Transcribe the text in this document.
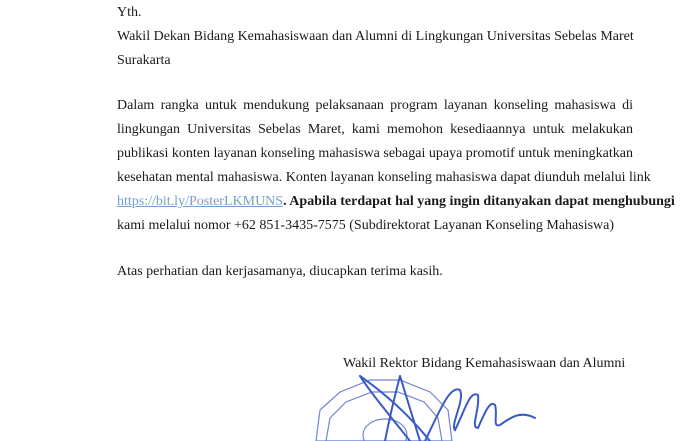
Yth.
Wakil Dekan Bidang Kemahasiswaan dan Alumni di Lingkungan Universitas Sebelas Maret
Surakarta
Dalam rangka untuk mendukung pelaksanaan program layanan konseling mahasiswa di
lingkungan Universitas Sebelas Maret, kami memohon kesediaannya untuk melakukan
publikasi konten layanan konseling mahasiswa sebagai upaya promotif untuk meningkatkan
kesehatan mental mahasiswa. Konten layanan konseling mahasiswa dapat diunduh melalui link
https://bit.ly/PosterLKMUNS. Apabila terdapat hal yang ingin ditanyakan dapat menghubungi
kami melalui nomor +62 851-3435-7575 (Subdirektorat Layanan Konseling Mahasiswa)
Atas perhatian dan kerjasamanya, diucapkan terima kasih.
Wakil Rektor Bidang Kemahasiswaan dan Alumni
